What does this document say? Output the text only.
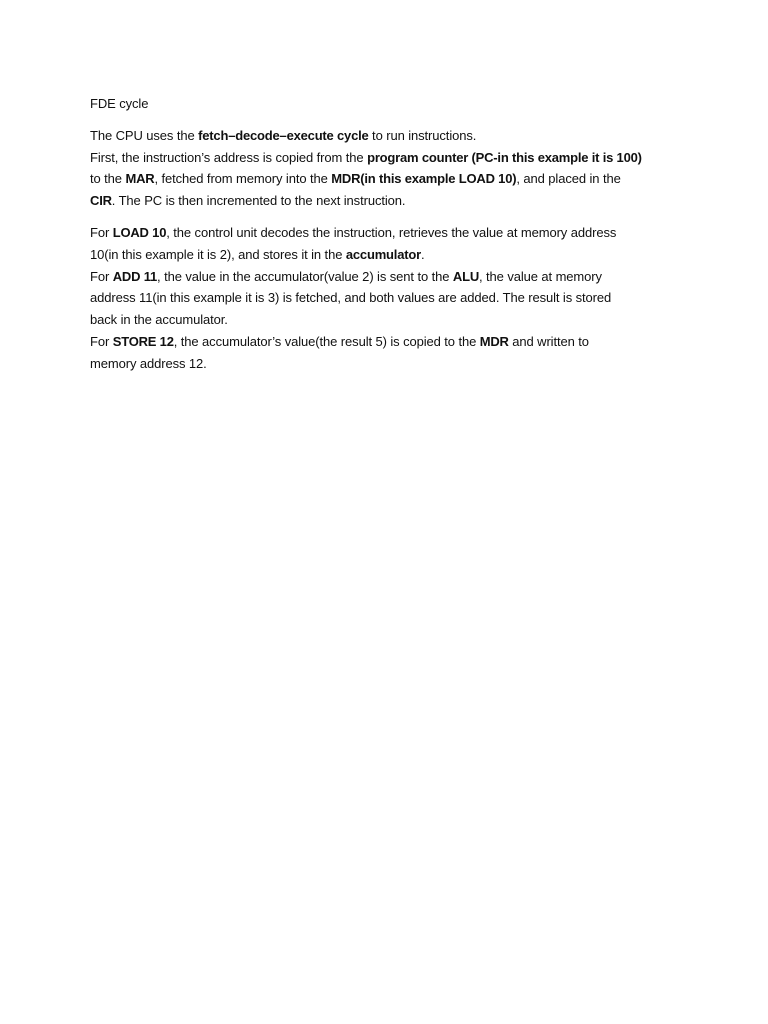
FDE cycle

The CPU uses the fetch–decode–execute cycle to run instructions.
First, the instruction’s address is copied from the program counter (PC-in this example it is 100)
to the MAR, fetched from memory into the MDR(in this example LOAD 10), and placed in the
CIR. The PC is then incremented to the next instruction.

For LOAD 10, the control unit decodes the instruction, retrieves the value at memory address
10(in this example it is 2), and stores it in the accumulator.
For ADD 11, the value in the accumulator(value 2) is sent to the ALU, the value at memory
address 11(in this example it is 3) is fetched, and both values are added. The result is stored
back in the accumulator.
For STORE 12, the accumulator’s value(the result 5) is copied to the MDR and written to
memory address 12.
